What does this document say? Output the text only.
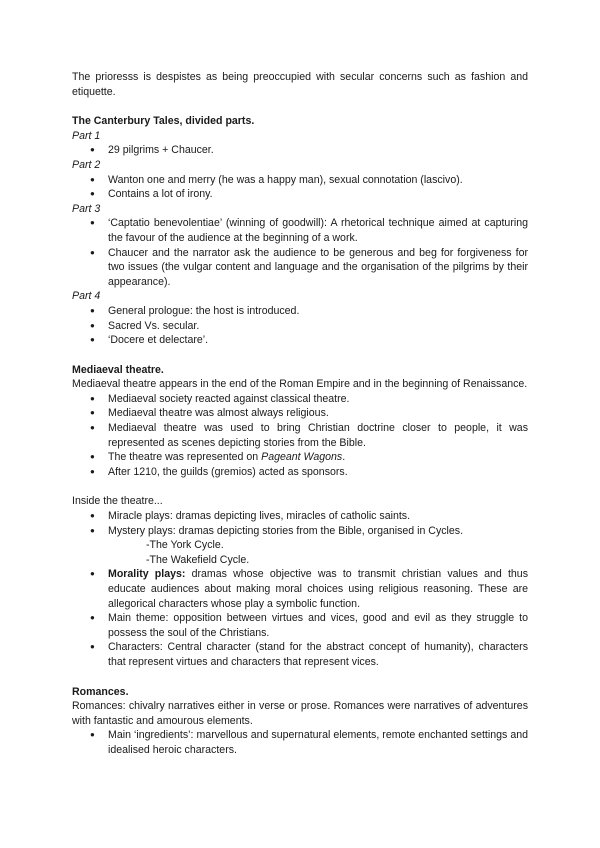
The prioresss is despistes as being preoccupied with secular concerns such as fashion and etiquette.

The Canterbury Tales, divided parts.
Part 1
● 29 pilgrims + Chaucer.
Part 2
● Wanton one and merry (he was a happy man), sexual connotation (lascivo).
● Contains a lot of irony.
Part 3
● ‘Captatio benevolentiae’ (winning of goodwill): A rhetorical technique aimed at capturing the favour of the audience at the beginning of a work.
● Chaucer and the narrator ask the audience to be generous and beg for forgiveness for two issues (the vulgar content and language and the organisation of the pilgrims by their appearance).
Part 4
● General prologue: the host is introduced.
● Sacred Vs. secular.
● ‘Docere et delectare’.
Mediaeval theatre.

Mediaeval theatre appears in the end of the Roman Empire and in the beginning of Renaissance.

● Mediaeval society reacted against classical theatre.
● Mediaeval theatre was almost always religious.
● Mediaeval theatre was used to bring Christian doctrine closer to people, it was represented as scenes depicting stories from the Bible.
● The theatre was represented on Pageant Wagons.
● After 1210, the guilds (gremios) acted as sponsors.

Inside the theatre...

● Miracle plays: dramas depicting lives, miracles of catholic saints.
● Mystery plays: dramas depicting stories from the Bible, organised in Cycles.
-The York Cycle.
-The Wakefield Cycle.
● Morality plays: dramas whose objective was to transmit christian values and thus educate audiences about making moral choices using religious reasoning. These are allegorical characters whose play a symbolic function.
● Main theme: opposition between virtues and vices, good and evil as they struggle to possess the soul of the Christians.
● Characters: Central character (stand for the abstract concept of humanity), characters that represent virtues and characters that represent vices.
Romances.

Romances: chivalry narratives either in verse or prose. Romances were narratives of adventures with fantastic and amourous elements.

● Main ‘ingredients’: marvellous and supernatural elements, remote enchanted settings and idealised heroic characters.
